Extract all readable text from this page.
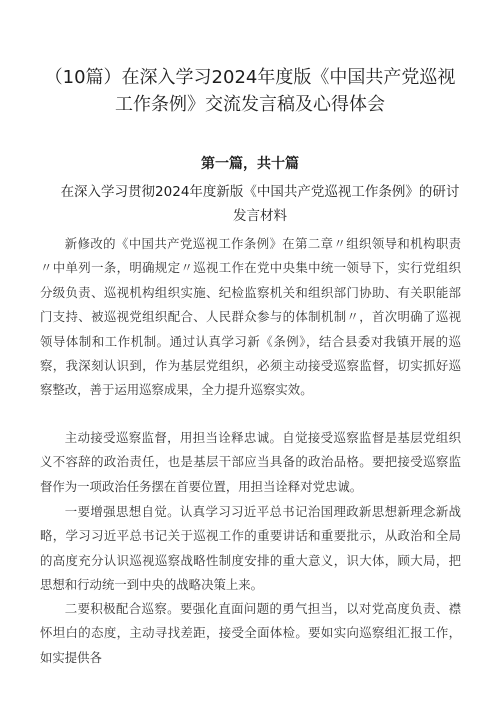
（10篇）在深入学习2024年度版《中国共产党巡视工作条例》交流发言稿及心得体会
第一篇，共十篇
在深入学习贯彻2024年度新版《中国共产党巡视工作条例》的研讨发言材料

新修改的《中国共产党巡视工作条例》在第二章〃组织领导和机构职责〃中单列一条，明确规定〃巡视工作在党中央集中统一领导下，实行党组织分级负责、巡视机构组织实施、纪检监察机关和组织部门协助、有关职能部门支持、被巡视党组织配合、人民群众参与的体制机制〃，首次明确了巡视领导体制和工作机制。通过认真学习新《条例》，结合县委对我镇开展的巡察，我深刻认识到，作为基层党组织，必须主动接受巡察监督，切实抓好巡察整改，善于运用巡察成果，全力提升巡察实效。

主动接受巡察监督，用担当诠释忠诚。自觉接受巡察监督是基层党组织义不容辞的政治责任，也是基层干部应当具备的政治品格。要把接受巡察监督作为一项政治任务摆在首要位置，用担当诠释对党忠诚。

一要增强思想自觉。认真学习习近平总书记治国理政新思想新理念新战略，学习习近平总书记关于巡视工作的重要讲话和重要批示，从政治和全局的高度充分认识巡视巡察战略性制度安排的重大意义，识大体，顾大局，把思想和行动统一到中央的战略决策上来。

二要积极配合巡察。要强化直面问题的勇气担当，以对党高度负责、襟怀坦白的态度，主动寻找差距，接受全面体检。要如实向巡察组汇报工作，如实提供各
